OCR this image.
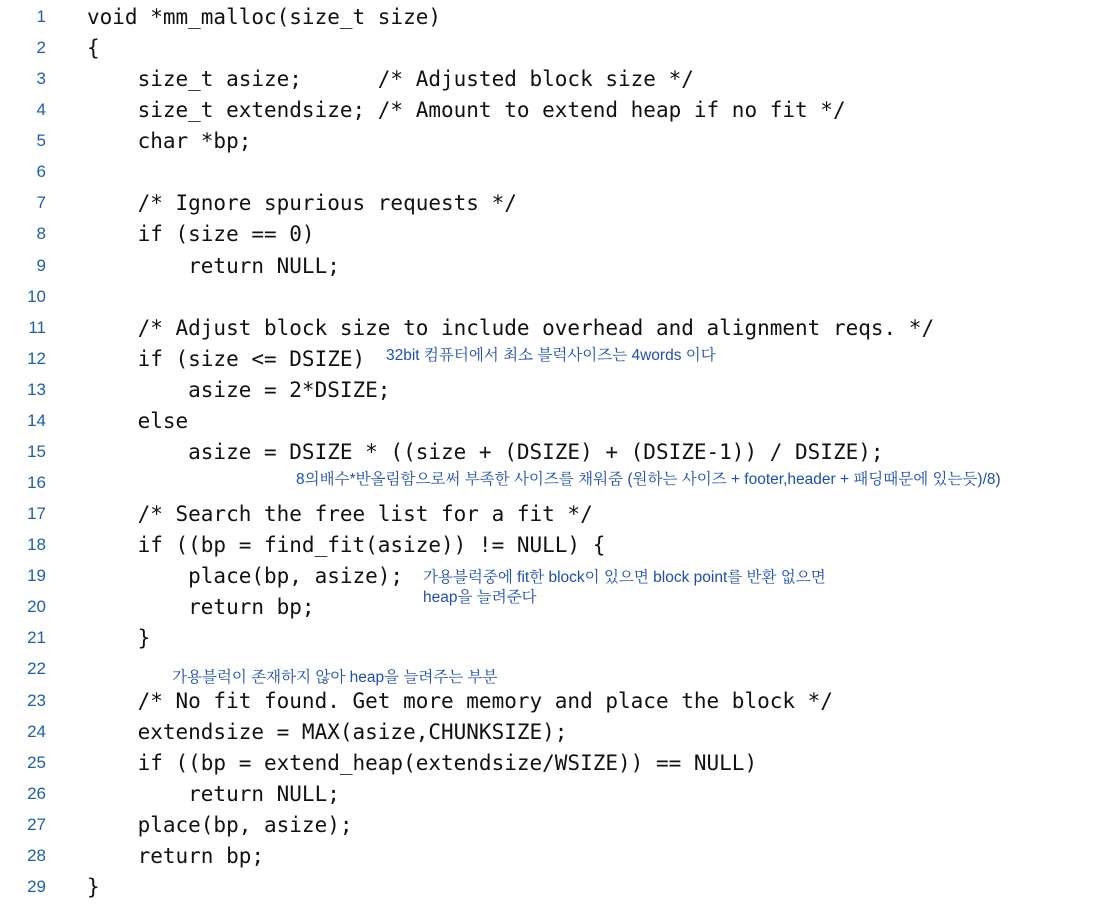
1 void *mm_malloc(size_t size)
2 {
3 size_t asize;      /* Adjusted block size */
4 size_t extendsize; /* Amount to extend heap if no fit */
5 char *bp;
6
7 /* Ignore spurious requests */
8 if (size == 0)
9 return NULL;
10
11 /* Adjust block size to include overhead and alignment reqs. */
12 if (size <= DSIZE)
13 asize = 2*DSIZE;
14 else
15 asize = DSIZE * ((size + (DSIZE) + (DSIZE-1)) / DSIZE);
16
17 /* Search the free list for a fit */
18 if ((bp = find_fit(asize)) != NULL) {
19 place(bp, asize);
20 return bp;
21 }
22
23 /* No fit found. Get more memory and place the block */
24 extendsize = MAX(asize,CHUNKSIZE);
25 if ((bp = extend_heap(extendsize/WSIZE)) == NULL)
26 return NULL;
27 place(bp, asize);
28 return bp;
29 }
32bit 컴퓨터에서 최소 블럭사이즈는 4words 이다
8의배수*반올림함으로써 부족한 사이즈를 채워줌 (원하는 사이즈 + footer,header + 패딩때문에 있는듯)/8)
가용블럭중에 fit한 block이 있으면 block point를 반환 없으면
heap을 늘려준다
가용블럭이 존재하지 않아 heap을 늘려주는 부분
